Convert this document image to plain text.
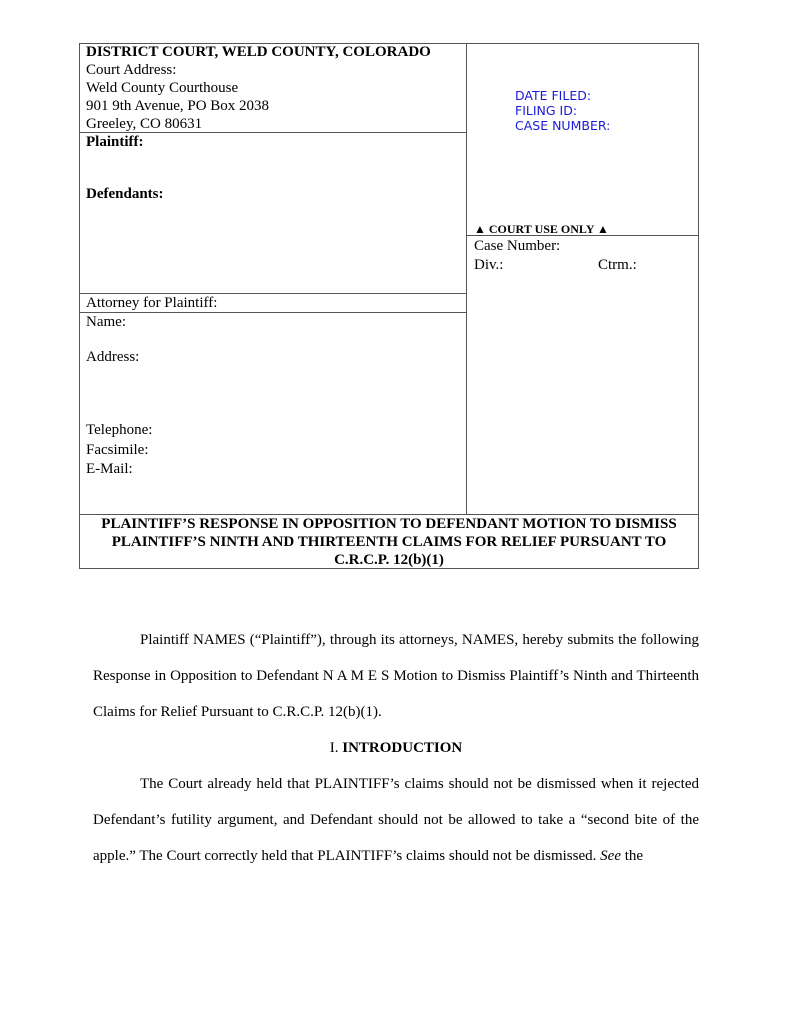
DISTRICT COURT, WELD COUNTY, COLORADO
Court Address:
Weld County Courthouse
901 9th Avenue, PO Box 2038
Greeley, CO 80631
Plaintiff:
Defendants:
Attorney for Plaintiff:
Name:
Address:
Telephone:
Facsimile:
E-Mail:
DATE FILED:
FILING ID:
CASE NUMBER:
▲ COURT USE ONLY ▲
Case Number:
Div.:	Ctrm.:
PLAINTIFF’S RESPONSE IN OPPOSITION TO DEFENDANT MOTION TO DISMISS
PLAINTIFF’S NINTH AND THIRTEENTH CLAIMS FOR RELIEF PURSUANT TO
C.R.C.P. 12(b)(1)
Plaintiff NAMES (“Plaintiff”), through its attorneys, NAMES, hereby submits the following Response in Opposition to Defendant N A M E S Motion to Dismiss Plaintiff’s Ninth and Thirteenth Claims for Relief Pursuant to C.R.C.P. 12(b)(1).
I. INTRODUCTION
The Court already held that PLAINTIFF’s claims should not be dismissed when it rejected Defendant’s futility argument, and Defendant should not be allowed to take a “second bite of the apple.” The Court correctly held that PLAINTIFF’s claims should not be dismissed. See the
